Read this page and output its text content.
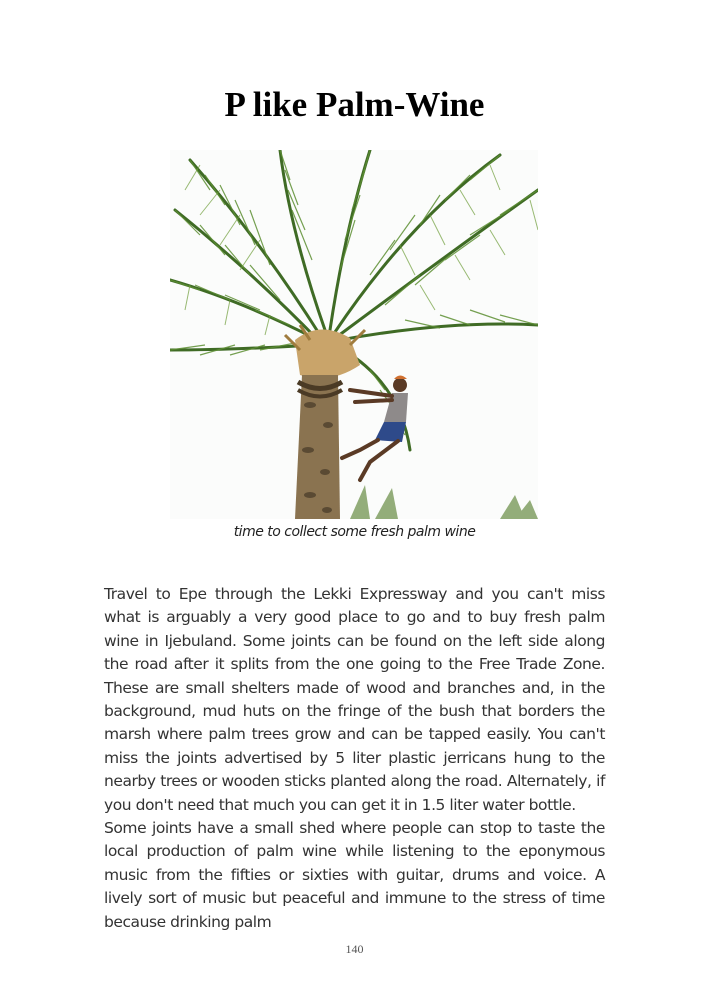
P like Palm-Wine
time to collect some fresh palm wine

Travel to Epe through the Lekki Expressway and you can't miss what is arguably a very good place to go and to buy fresh palm wine in Ijebuland. Some joints can be found on the left side along the road after it splits from the one going to the Free Trade Zone. These are small shelters made of wood and branches and, in the background, mud huts on the fringe of the bush that borders the marsh where palm trees grow and can be tapped easily. You can't miss the joints advertised by 5 liter plastic jerricans hung to the nearby trees or wooden sticks planted along the road. Alternately, if you don't need that much you can get it in 1.5 liter water bottle.

Some joints have a small shed where people can stop to taste the local production of palm wine while listening to the eponymous music from the fifties or sixties with guitar, drums and voice. A lively sort of music but peaceful and immune to the stress of time because drinking palm

140
